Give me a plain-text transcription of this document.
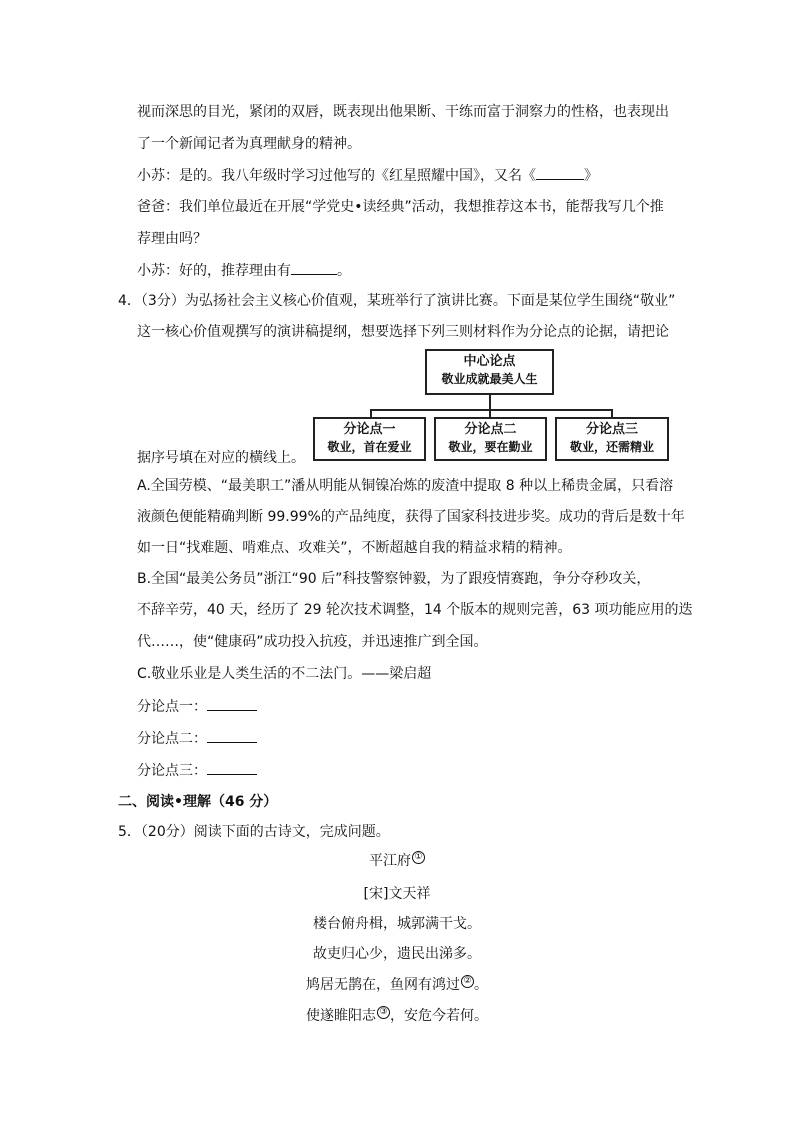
视而深思的目光，紧闭的双唇，既表现出他果断、干练而富于洞察力的性格，也表现出
了一个新闻记者为真理献身的精神。
小苏：是的。我八年级时学习过他写的《红星照耀中国》，又名《	》
爸爸：我们单位最近在开展“学党史•读经典”活动，我想推荐这本书，能帮我写几个推
荐理由吗？
小苏：好的，推荐理由有	。
4．（3分）为弘扬社会主义核心价值观，某班举行了演讲比赛。下面是某位学生围绕“敬业”
这一核心价值观撰写的演讲稿提纲，想要选择下列三则材料作为分论点的论据，请把论
中心论点
敬业成就最美人生
分论点一
敬业，首在爱业
分论点二
敬业，要在勤业
分论点三
敬业，还需精业
据序号填在对应的横线上。
A.全国劳模、“最美职工”潘从明能从铜镍冶炼的废渣中提取 8 种以上稀贵金属，只看溶
液颜色便能精确判断 99.99%的产品纯度，获得了国家科技进步奖。成功的背后是数十年
如一日“找难题、啃难点、攻难关”，不断超越自我的精益求精的精神。
B.全国“最美公务员”浙江“90 后”科技警察钟毅，为了跟疫情赛跑，争分夺秒攻关，
不辞辛劳，40 天，经历了 29 轮次技术调整，14 个版本的规则完善，63 项功能应用的迭
代……，使“健康码”成功投入抗疫，并迅速推广到全国。
C.敬业乐业是人类生活的不二法门。——梁启超
分论点一：
分论点二：
分论点三：
二、阅读•理解（46 分）
5．（20分）阅读下面的古诗文，完成问题。
平江府 ①
[宋]文天祥
楼台俯舟楫，城郭满干戈。
故吏归心少，遗民出涕多。
鸠居无鹊在，鱼网有鸿过 ② 。
使遂睢阳志 ③ ，安危今若何。
